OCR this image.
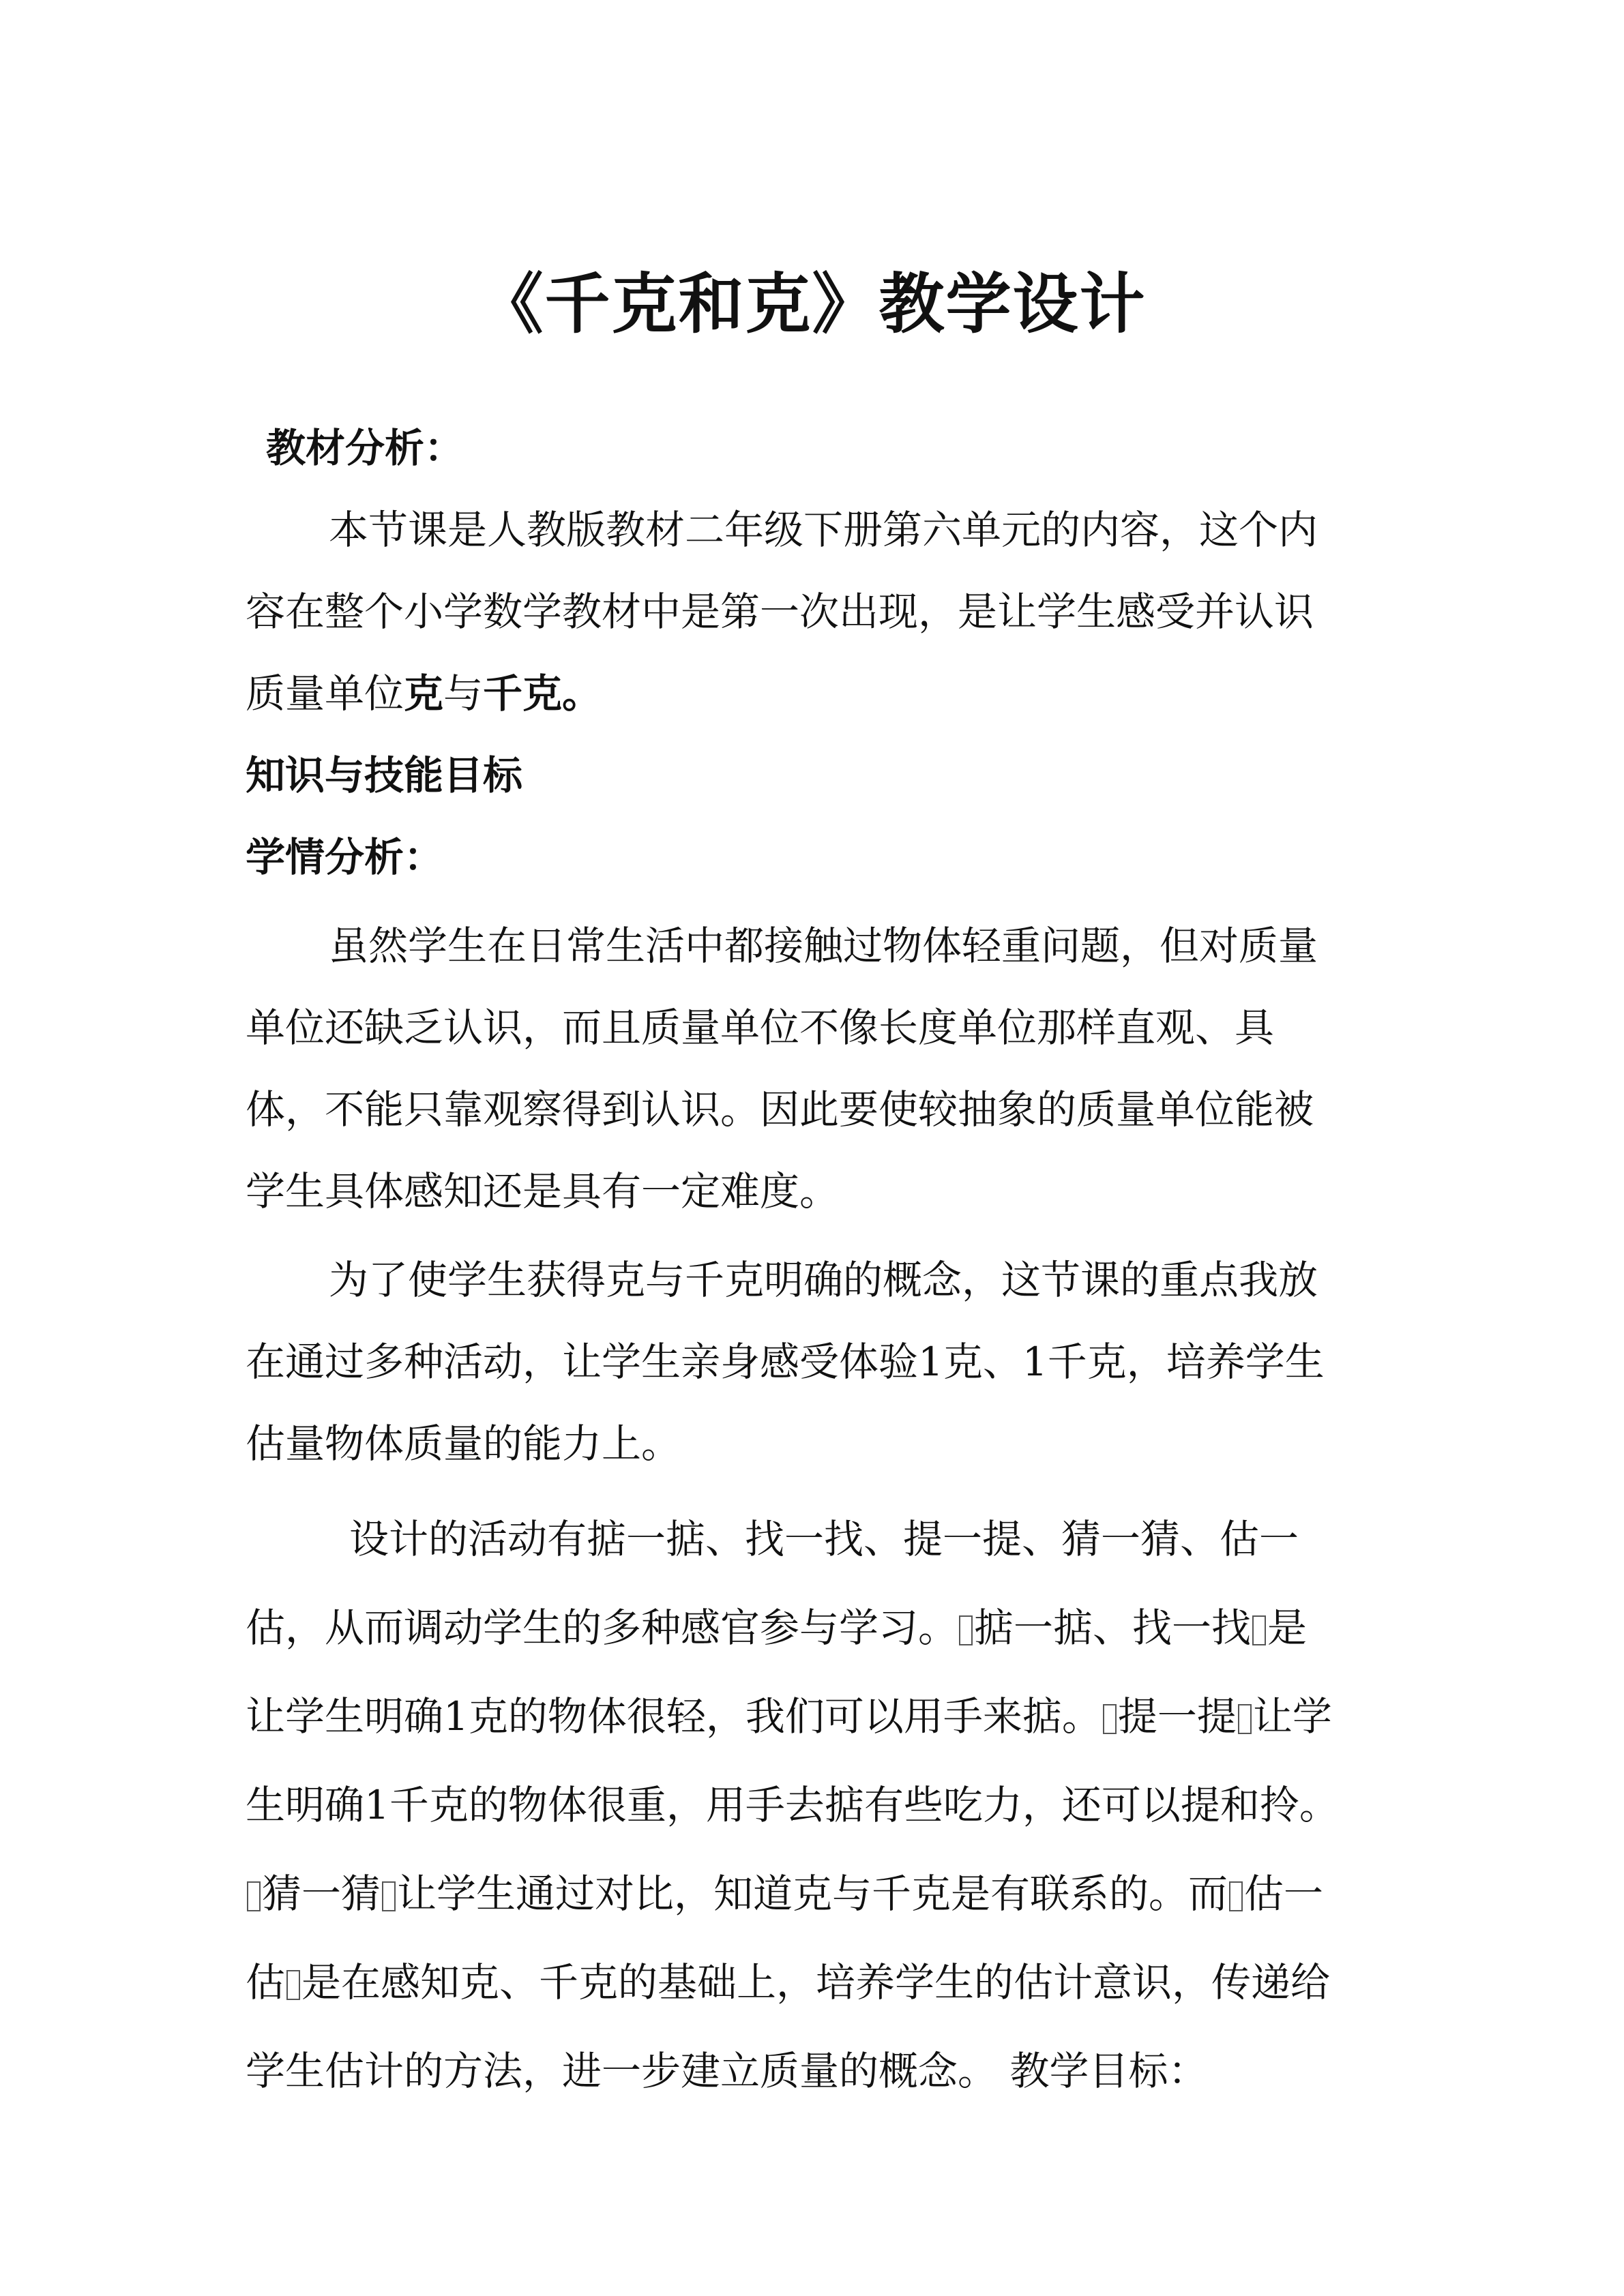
《千克和克》教学设计
教材分析：
本节课是人教版教材二年级下册第六单元的内容，这个内
容在整个小学数学教材中是第一次出现，是让学生感受并认识
质量单位克与千克。
知识与技能目标
学情分析：
虽然学生在日常生活中都接触过物体轻重问题，但对质量
单位还缺乏认识，而且质量单位不像长度单位那样直观、具
体，不能只靠观察得到认识。因此要使较抽象的质量单位能被
学生具体感知还是具有一定难度。
为了使学生获得克与千克明确的概念，这节课的重点我放
在通过多种活动，让学生亲身感受体验1克、1千克，培养学生
估量物体质量的能力上。
设计的活动有掂一掂、找一找、提一提、猜一猜、估一
估，从而调动学生的多种感官参与学习。 掂一掂、找一找 是
让学生明确1克的物体很轻，我们可以用手来掂。 提一提 让学
生明确1千克的物体很重，用手去掂有些吃力，还可以提和拎。
猜一猜 让学生通过对比，知道克与千克是有联系的。而 估一
估 是在感知克、千克的基础上，培养学生的估计意识，传递给
学生估计的方法，进一步建立质量的概念。 教学目标：
